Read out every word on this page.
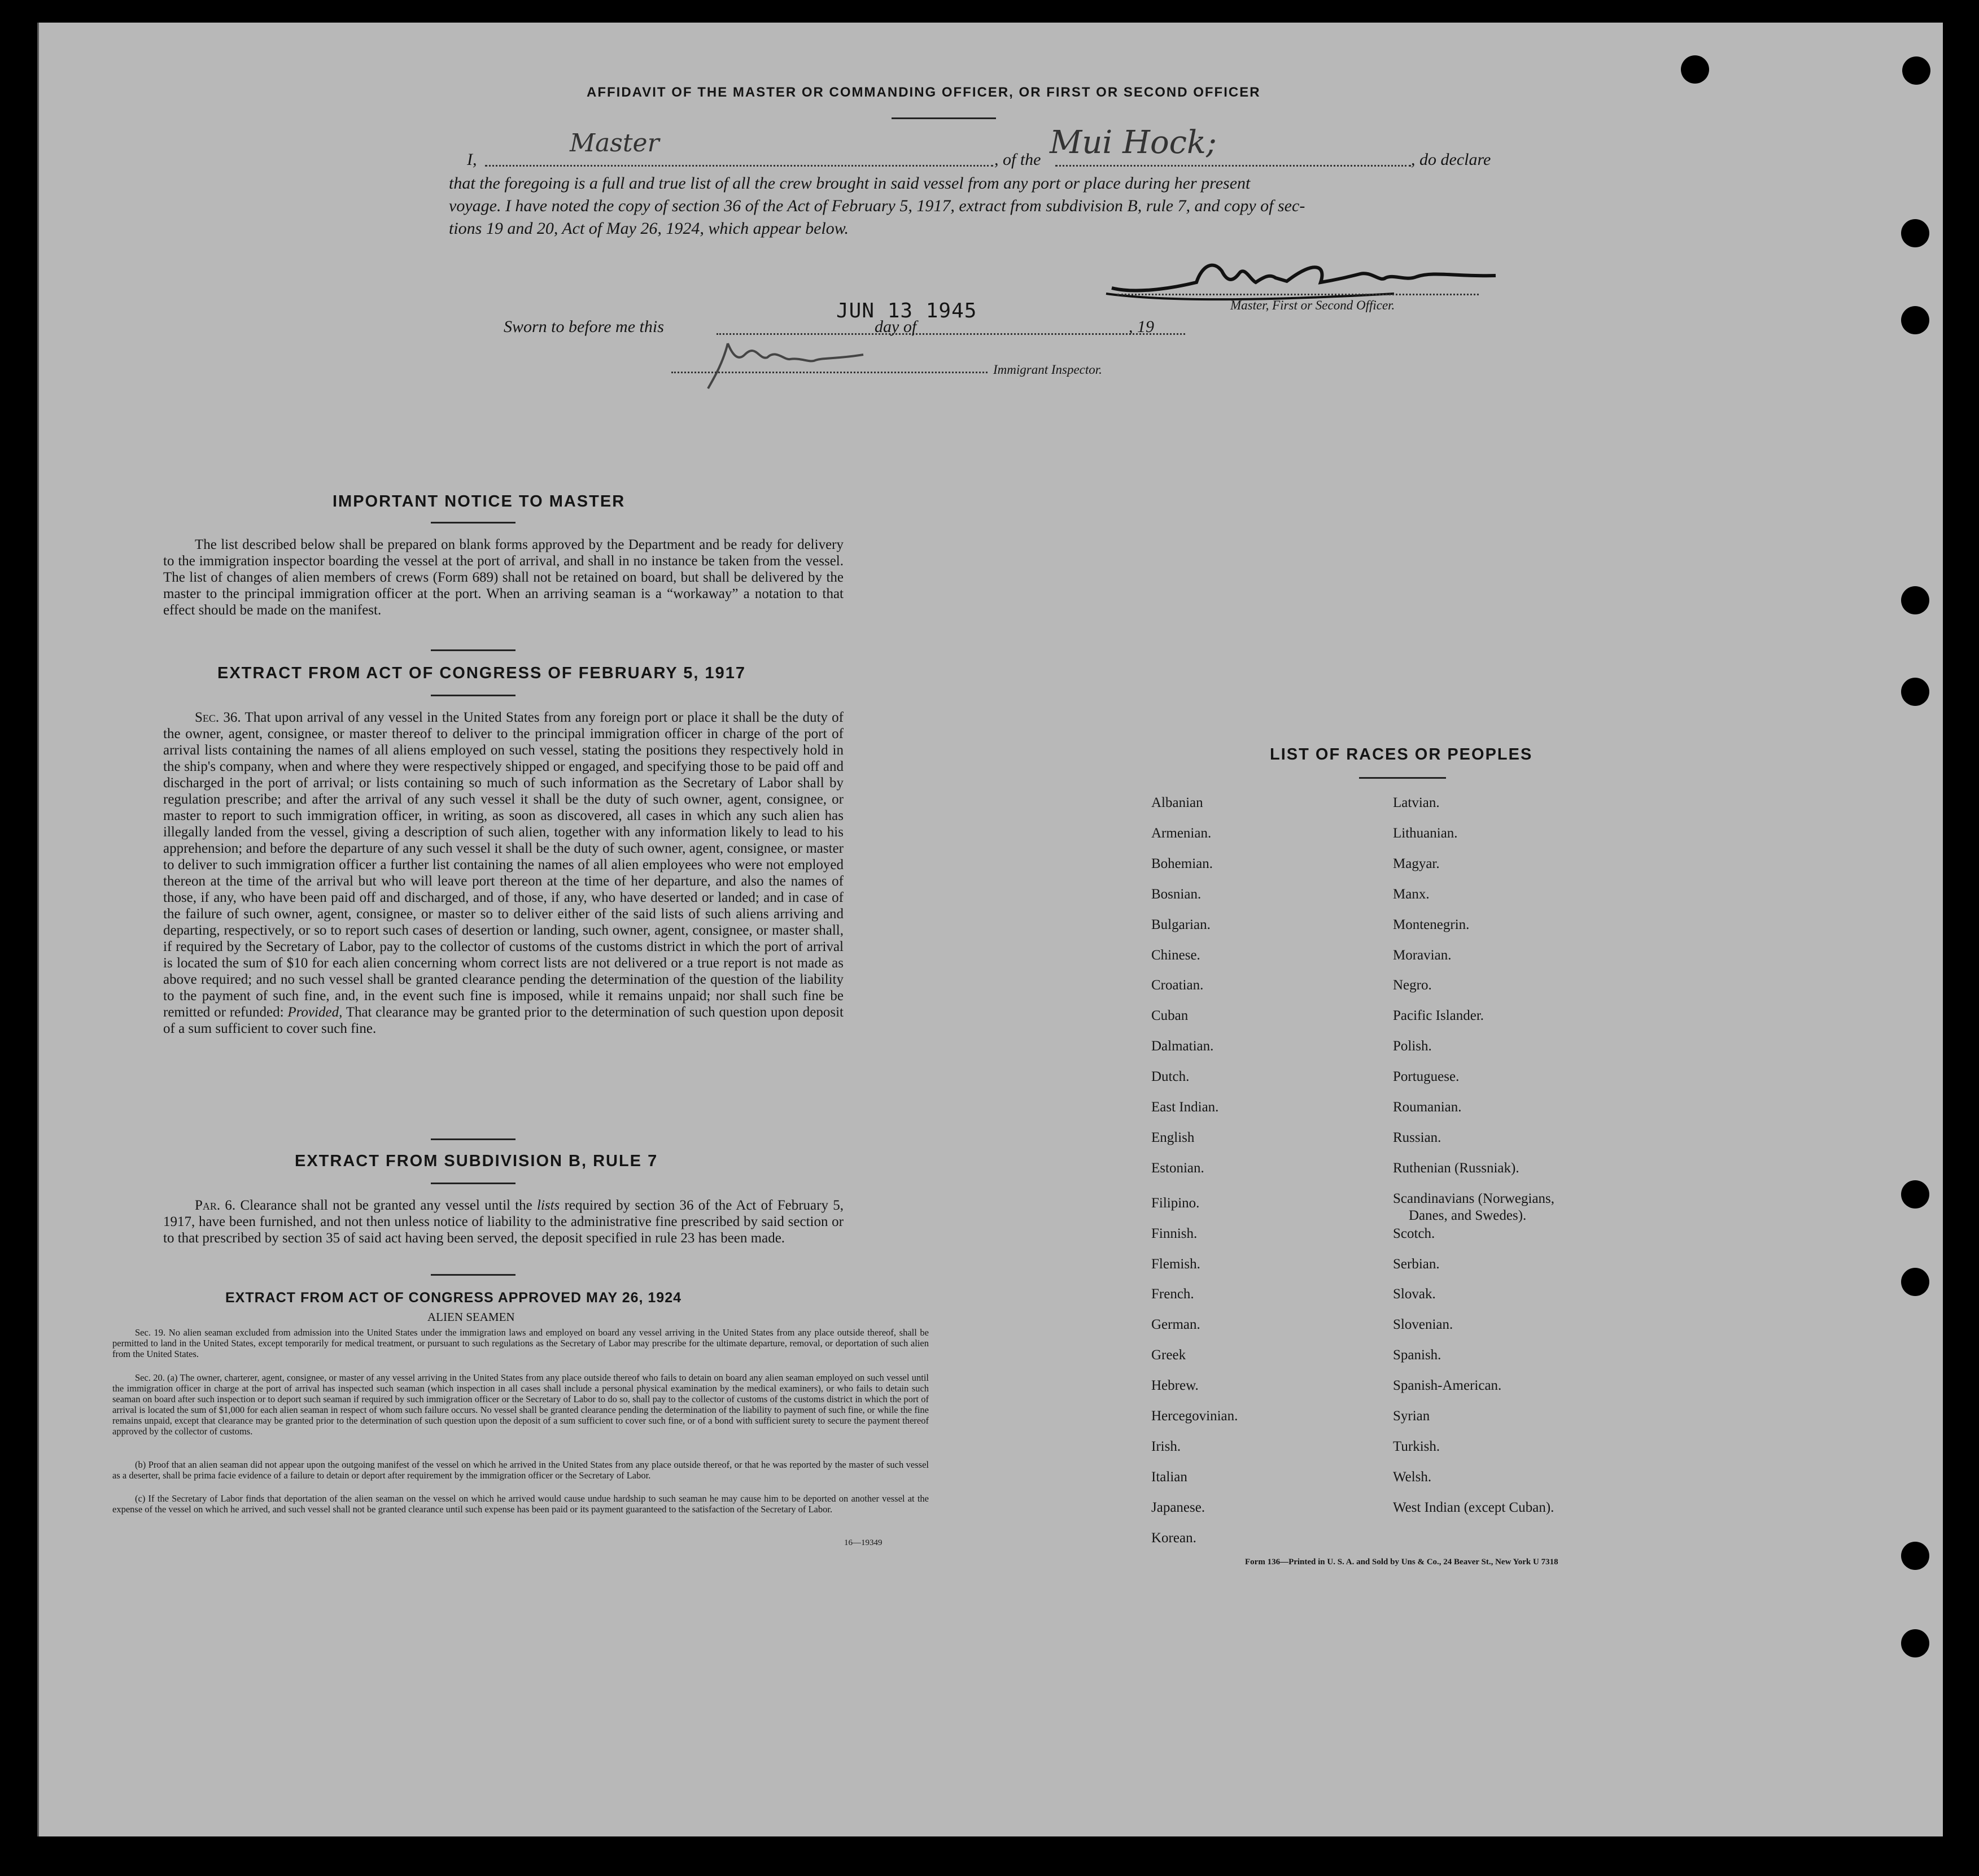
AFFIDAVIT OF THE MASTER OR COMMANDING OFFICER, OR FIRST OR SECOND OFFICER
I,
Master
, of the Mui Hock;	, do declare
that the foregoing is a full and true list of all the crew brought in said vessel from any port or place during her present
voyage. I have noted the copy of section 36 of the Act of February 5, 1917, extract from subdivision B, rule 7, and copy of sec-
tions 19 and 20, Act of May 26, 1924, which appear below.
Master, First or Second Officer.
Sworn to before me this
JUN 13 1945
day of	, 19
Immigrant Inspector.
IMPORTANT NOTICE TO MASTER
The list described below shall be prepared on blank forms approved by the Department and be ready for delivery to the immigration inspector boarding the vessel at the port of arrival, and shall in no instance be taken from the vessel. The list of changes of alien members of crews (Form 689) shall not be retained on board, but shall be delivered by the master to the principal immigration officer at the port. When an arriving seaman is a “workaway” a notation to that effect should be made on the manifest.
EXTRACT FROM ACT OF CONGRESS OF FEBRUARY 5, 1917
Sec. 36. That upon arrival of any vessel in the United States from any foreign port or place it shall be the duty of the owner, agent, consignee, or master thereof to deliver to the principal immigration officer in charge of the port of arrival lists containing the names of all aliens employed on such vessel, stating the positions they respectively hold in the ship's company, when and where they were respectively shipped or engaged, and specifying those to be paid off and discharged in the port of arrival; or lists containing so much of such information as the Secretary of Labor shall by regulation prescribe; and after the arrival of any such vessel it shall be the duty of such owner, agent, consignee, or master to report to such immigration officer, in writing, as soon as discovered, all cases in which any such alien has illegally landed from the vessel, giving a description of such alien, together with any information likely to lead to his apprehension; and before the departure of any such vessel it shall be the duty of such owner, agent, consignee, or master to deliver to such immigration officer a further list containing the names of all alien employees who were not employed thereon at the time of the arrival but who will leave port thereon at the time of her departure, and also the names of those, if any, who have been paid off and discharged, and of those, if any, who have deserted or landed; and in case of the failure of such owner, agent, consignee, or master so to deliver either of the said lists of such aliens arriving and departing, respectively, or so to report such cases of desertion or landing, such owner, agent, consignee, or master shall, if required by the Secretary of Labor, pay to the collector of customs of the customs district in which the port of arrival is located the sum of $10 for each alien concerning whom correct lists are not delivered or a true report is not made as above required; and no such vessel shall be granted clearance pending the determination of the question of the liability to the payment of such fine, and, in the event such fine is imposed, while it remains unpaid; nor shall such fine be remitted or refunded: Provided, That clearance may be granted prior to the determination of such question upon deposit of a sum sufficient to cover such fine.
EXTRACT FROM SUBDIVISION B, RULE 7
Par. 6. Clearance shall not be granted any vessel until the lists required by section 36 of the Act of February 5, 1917, have been furnished, and not then unless notice of liability to the administrative fine prescribed by said section or to that prescribed by section 35 of said act having been served, the deposit specified in rule 23 has been made.
EXTRACT FROM ACT OF CONGRESS APPROVED MAY 26, 1924
ALIEN SEAMEN
Sec. 19. No alien seaman excluded from admission into the United States under the immigration laws and employed on board any vessel arriving in the United States from any place outside thereof, shall be permitted to land in the United States, except temporarily for medical treatment, or pursuant to such regulations as the Secretary of Labor may prescribe for the ultimate departure, removal, or deportation of such alien from the United States.
Sec. 20. (a) The owner, charterer, agent, consignee, or master of any vessel arriving in the United States from any place outside thereof who fails to detain on board any alien seaman employed on such vessel until the immigration officer in charge at the port of arrival has inspected such seaman (which inspection in all cases shall include a personal physical examination by the medical examiners), or who fails to detain such seaman on board after such inspection or to deport such seaman if required by such immigration officer or the Secretary of Labor to do so, shall pay to the collector of customs of the customs district in which the port of arrival is located the sum of $1,000 for each alien seaman in respect of whom such failure occurs. No vessel shall be granted clearance pending the determination of the liability to payment of such fine, or while the fine remains unpaid, except that clearance may be granted prior to the determination of such question upon the deposit of a sum sufficient to cover such fine, or of a bond with sufficient surety to secure the payment thereof approved by the collector of customs.
(b) Proof that an alien seaman did not appear upon the outgoing manifest of the vessel on which he arrived in the United States from any place outside thereof, or that he was reported by the master of such vessel as a deserter, shall be prima facie evidence of a failure to detain or deport after requirement by the immigration officer or the Secretary of Labor.
(c) If the Secretary of Labor finds that deportation of the alien seaman on the vessel on which he arrived would cause undue hardship to such seaman he may cause him to be deported on another vessel at the expense of the vessel on which he arrived, and such vessel shall not be granted clearance until such expense has been paid or its payment guaranteed to the satisfaction of the Secretary of Labor.
16—19349
LIST OF RACES OR PEOPLES
Albanian
Armenian.
Bohemian.
Bosnian.
Bulgarian.
Chinese.
Croatian.
Cuban
Dalmatian.
Dutch.
East Indian.
English
Estonian.
Filipino.
Finnish.
Flemish.
French.
German.
Greek
Hebrew.
Hercegovinian.
Irish.
Italian
Japanese.
Korean.
Latvian.
Lithuanian.
Magyar.
Manx.
Montenegrin.
Moravian.
Negro.
Pacific Islander.
Polish.
Portuguese.
Roumanian.
Russian.
Ruthenian (Russniak).
Scandinavians (Norwegians,
Danes, and Swedes).
Scotch.
Serbian.
Slovak.
Slovenian.
Spanish.
Spanish-American.
Syrian
Turkish.
Welsh.
West Indian (except Cuban).
Form 136—Printed in U. S. A. and Sold by Uns & Co., 24 Beaver St., New York U 7318
